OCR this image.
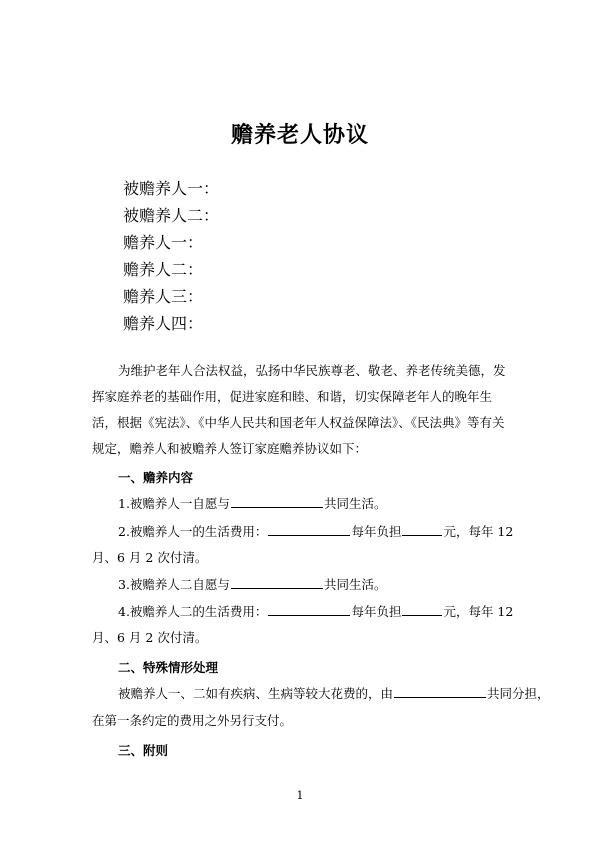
赡养老人协议
被赡养人一：
被赡养人二：
赡养人一：
赡养人二：
赡养人三：
赡养人四：
为维护老年人合法权益，弘扬中华民族尊老、敬老、养老传统美德，发挥家庭养老的基础作用，促进家庭和睦、和谐，切实保障老年人的晚年生活，根据《宪法》、《中华人民共和国老年人权益保障法》、《民法典》等有关规定，赡养人和被赡养人签订家庭赡养协议如下：
一、赡养内容
1.被赡养人一自愿与	共同生活。
2.被赡养人一的生活费用：	每年负担	元，每年 12
月、6 月 2 次付清。
3.被赡养人二自愿与	共同生活。
4.被赡养人二的生活费用：	每年负担	元，每年 12
月、6 月 2 次付清。
二、特殊情形处理
被赡养人一、二如有疾病、生病等较大花费的，由	共同分担，
在第一条约定的费用之外另行支付。
三、附则
1
